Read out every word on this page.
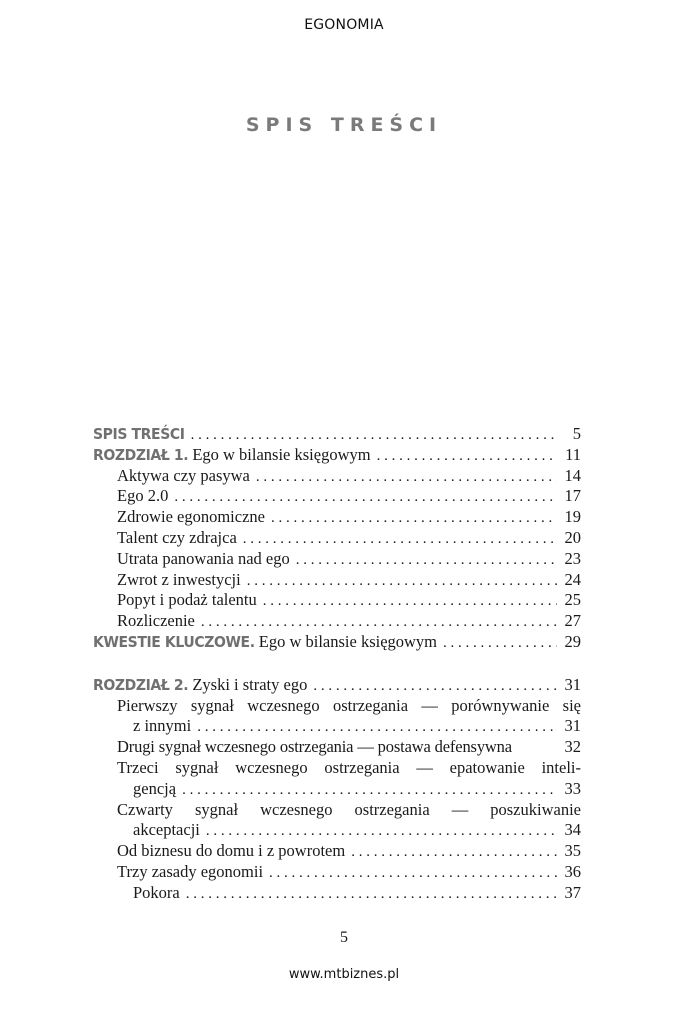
EGONOMIA
SPIS TREŚCI
SPIS TREŚCI . . .	5
ROZDZIAŁ 1. Ego w bilansie księgowym . . .	11
Aktywa czy pasywa . . .	14
Ego 2.0 . . .	17
Zdrowie egonomiczne . . .	19
Talent czy zdrajca . . .	20
Utrata panowania nad ego . . .	23
Zwrot z inwestycji . . .	24
Popyt i podaż talentu . . .	25
Rozliczenie . . .	27
KWESTIE KLUCZOWE. Ego w bilansie księgowym . . .	29
ROZDZIAŁ 2. Zyski i straty ego . . .	31
Pierwszy sygnał wczesnego ostrzegania — porównywanie się
z innymi . . .	31
Drugi sygnał wczesnego ostrzegania — postawa defensywna	32
Trzeci sygnał wczesnego ostrzegania — epatowanie inteli-
gencją . . .	33
Czwarty sygnał wczesnego ostrzegania — poszukiwanie
akceptacji . . .	34
Od biznesu do domu i z powrotem . . .	35
Trzy zasady egonomii . . .	36
Pokora . . .	37
5
www.mtbiznes.pl
